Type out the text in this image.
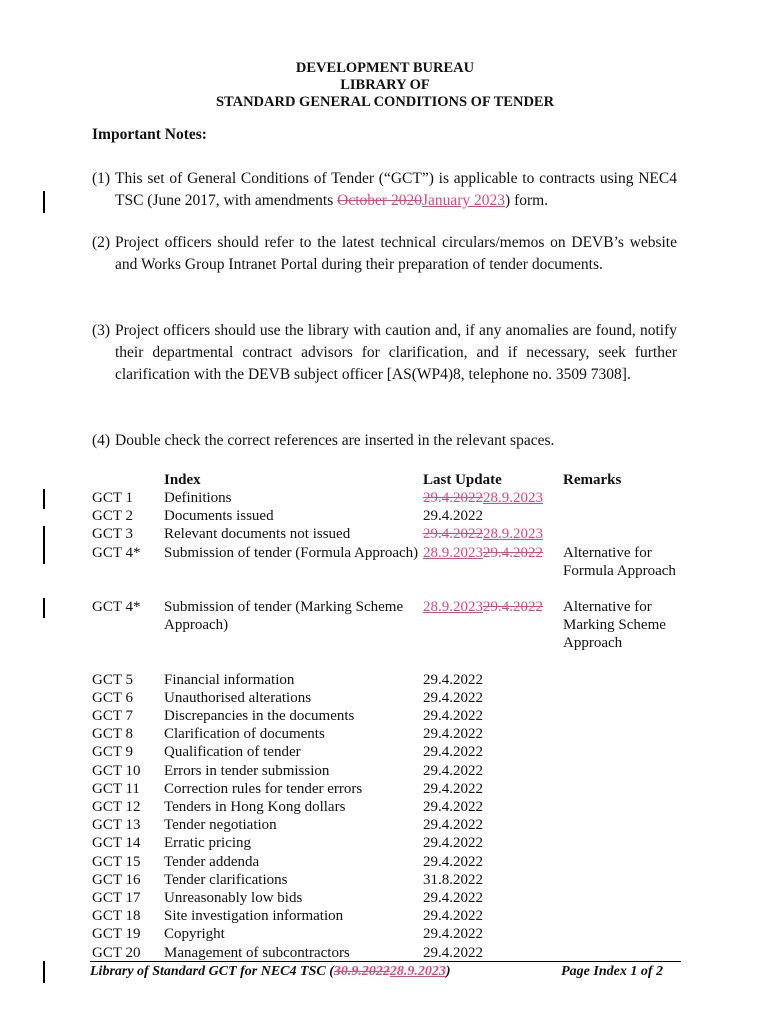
DEVELOPMENT BUREAU
LIBRARY OF
STANDARD GENERAL CONDITIONS OF TENDER
Important Notes:
(1) This set of General Conditions of Tender (“GCT”) is applicable to contracts using NEC4 TSC (June 2017, with amendments October 2020January 2023) form.
(2) Project officers should refer to the latest technical circulars/memos on DEVB’s website and Works Group Intranet Portal during their preparation of tender documents.
(3) Project officers should use the library with caution and, if any anomalies are found, notify their departmental contract advisors for clarification, and if necessary, seek further clarification with the DEVB subject officer [AS(WP4)8, telephone no. 3509 7308].
(4) Double check the correct references are inserted in the relevant spaces.
	Index	Last Update	Remarks
GCT 1	Definitions	29.4.202228.9.2023	
GCT 2	Documents issued	29.4.2022	
GCT 3	Relevant documents not issued	29.4.202228.9.2023	
GCT 4*	Submission of tender (Formula Approach)	28.9.202329.4.2022	Alternative for Formula Approach

GCT 4*	Submission of tender (Marking Scheme Approach)	28.9.202329.4.2022	Alternative for Marking Scheme Approach

GCT 5	Financial information	29.4.2022	
GCT 6	Unauthorised alterations	29.4.2022	
GCT 7	Discrepancies in the documents	29.4.2022	
GCT 8	Clarification of documents	29.4.2022	
GCT 9	Qualification of tender	29.4.2022	
GCT 10	Errors in tender submission	29.4.2022	
GCT 11	Correction rules for tender errors	29.4.2022	
GCT 12	Tenders in Hong Kong dollars	29.4.2022	
GCT 13	Tender negotiation	29.4.2022	
GCT 14	Erratic pricing	29.4.2022	
GCT 15	Tender addenda	29.4.2022	
GCT 16	Tender clarifications	31.8.2022	
GCT 17	Unreasonably low bids	29.4.2022	
GCT 18	Site investigation information	29.4.2022	
GCT 19	Copyright	29.4.2022	
GCT 20	Management of subcontractors	29.4.2022	
Library of Standard GCT for NEC4 TSC (30.9.202228.9.2023)	Page Index 1 of 2
